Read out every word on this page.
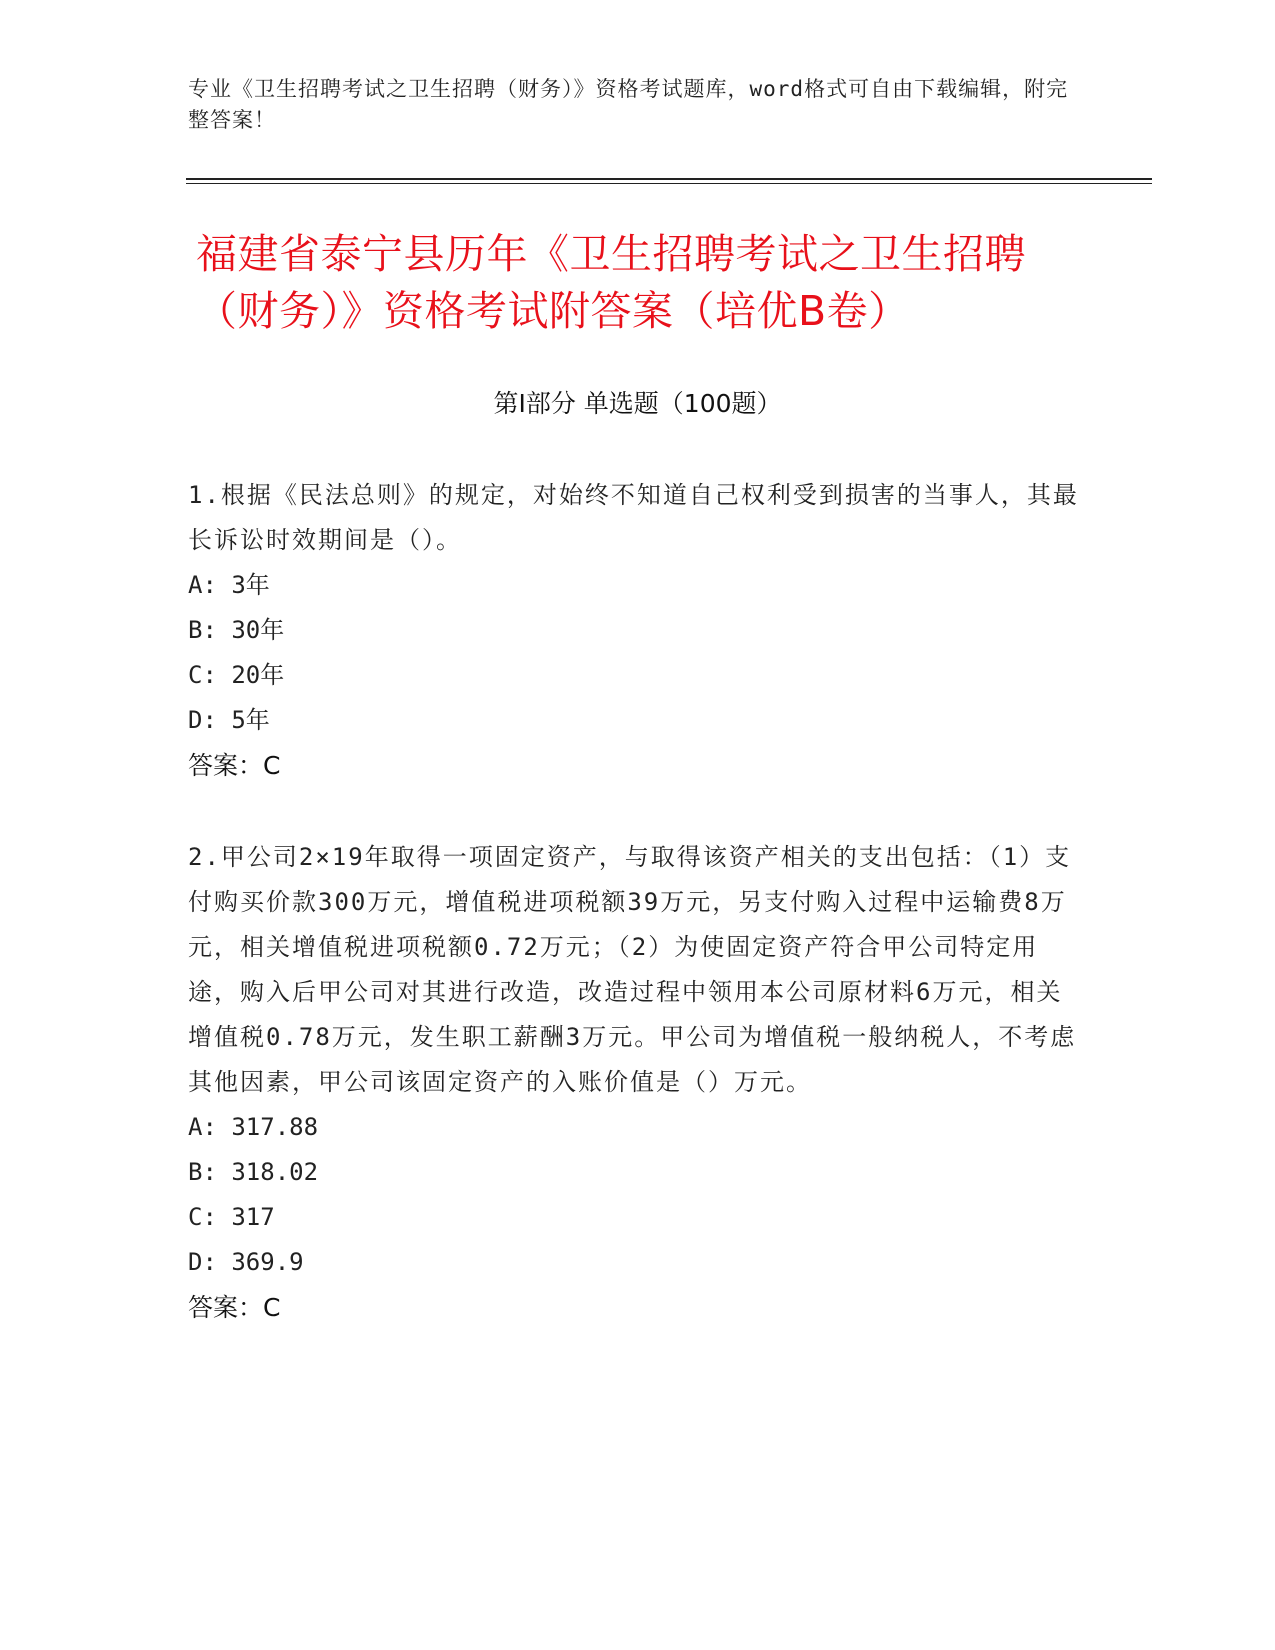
专业《卫生招聘考试之卫生招聘（财务）》资格考试题库，word格式可自由下载编辑，附完整答案！
福建省泰宁县历年《卫生招聘考试之卫生招聘（财务）》资格考试附答案（培优B卷）
第Ⅰ部分 单选题（100题）

1.根据《民法总则》的规定，对始终不知道自己权利受到损害的当事人，其最长诉讼时效期间是（）。

A: 3年

B: 30年

C: 20年

D: 5年

答案：C

2.甲公司2×19年取得一项固定资产，与取得该资产相关的支出包括：（1）支付购买价款300万元，增值税进项税额39万元，另支付购入过程中运输费8万元，相关增值税进项税额0.72万元；（2）为使固定资产符合甲公司特定用途，购入后甲公司对其进行改造，改造过程中领用本公司原材料6万元，相关增值税0.78万元，发生职工薪酬3万元。甲公司为增值税一般纳税人，不考虑其他因素，甲公司该固定资产的入账价值是（）万元。

A: 317.88

B: 318.02

C: 317

D: 369.9

答案：C
